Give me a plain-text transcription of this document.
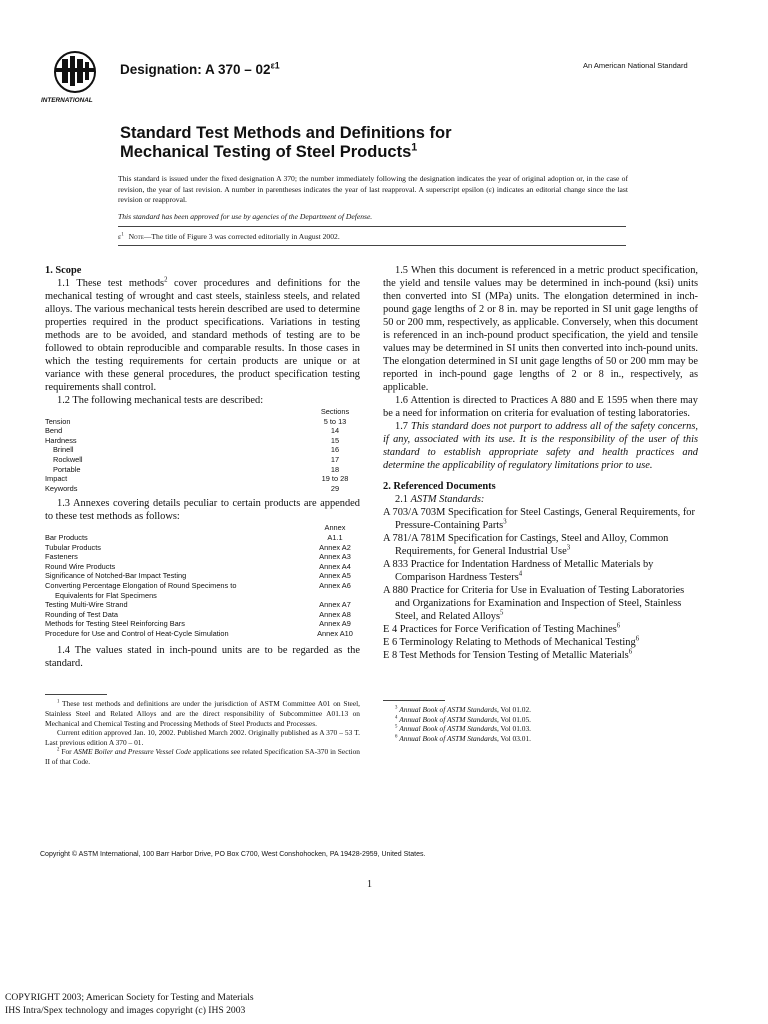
INTERNATIONAL
Designation: A $370 - 02^{\varepsilon 1}$	An American National Standard
Standard Test Methods and Definitions for
Mechanical Testing of Steel Products$^1$
This standard is issued under the fixed designation A 370; the number immediately following the designation indicates the year of original adoption or, in the case of revision, the year of last revision. A number in parentheses indicates the year of last reapproval. A superscript epsilon (ε) indicates an editorial change since the last revision or reapproval.
This standard has been approved for use by agencies of the Department of Defense.
$\varepsilon^1$ Note—The title of Figure 3 was corrected editorially in August 2002.
1. Scope

1.1 These test methods$^2$ cover procedures and definitions for the mechanical testing of wrought and cast steels, stainless steels, and related alloys. The various mechanical tests herein described are used to determine properties required in the product specifications. Variations in testing methods are to be avoided, and standard methods of testing are to be followed to obtain reproducible and comparable results. In those cases in which the testing requirements for certain products are unique or at variance with these general procedures, the product specification testing requirements shall control.

1.2 The following mechanical tests are described:

Sections
Tension	5 to 13
Bend	14
Hardness	15
Brinell	16
Rockwell	17
Portable	18
Impact	19 to 28
Keywords	29

1.3 Annexes covering details peculiar to certain products are appended to these test methods as follows:

Annex
Bar Products	A1.1
Tubular Products	Annex A2
Fasteners	Annex A3
Round Wire Products	Annex A4
Significance of Notched-Bar Impact Testing	Annex A5
Converting Percentage Elongation of Round Specimens to	Annex A6
Equivalents for Flat Specimens
Testing Multi-Wire Strand	Annex A7
Rounding of Test Data	Annex A8
Methods for Testing Steel Reinforcing Bars	Annex A9
Procedure for Use and Control of Heat-Cycle Simulation	Annex A10

1.4 The values stated in inch-pound units are to be regarded as the standard.

$^1$ These test methods and definitions are under the jurisdiction of ASTM Committee A01 on Steel, Stainless Steel and Related Alloys and are the direct responsibility of Subcommittee A01.13 on Mechanical and Chemical Testing and Processing Methods of Steel Products and Processes.

Current edition approved Jan. 10, 2002. Published March 2002. Originally published as A 370 – 53 T. Last previous edition A 370 – 01.

$^2$ For ASME Boiler and Pressure Vessel Code applications see related Specification SA-370 in Section II of that Code.

1.5 When this document is referenced in a metric product specification, the yield and tensile values may be determined in inch-pound (ksi) units then converted into SI (MPa) units. The elongation determined in inch-pound gage lengths of 2 or 8 in. may be reported in SI unit gage lengths of 50 or 200 mm, respectively, as applicable. Conversely, when this document is referenced in an inch-pound product specification, the yield and tensile values may be determined in SI units then converted into inch-pound units. The elongation determined in SI unit gage lengths of 50 or 200 mm may be reported in inch-pound gage lengths of 2 or 8 in., respectively, as applicable.

1.6 Attention is directed to Practices A 880 and E 1595 when there may be a need for information on criteria for evaluation of testing laboratories.

1.7 This standard does not purport to address all of the safety concerns, if any, associated with its use. It is the responsibility of the user of this standard to establish appropriate safety and health practices and determine the applicability of regulatory limitations prior to use.

2. Referenced Documents

2.1 ASTM Standards:

A 703/A 703M Specification for Steel Castings, General Requirements, for Pressure-Containing Parts$^3$

A 781/A 781M Specification for Castings, Steel and Alloy, Common Requirements, for General Industrial Use$^3$

A 833 Practice for Indentation Hardness of Metallic Materials by Comparison Hardness Testers$^4$

A 880 Practice for Criteria for Use in Evaluation of Testing Laboratories and Organizations for Examination and Inspection of Steel, Stainless Steel, and Related Alloys$^5$

E 4 Practices for Force Verification of Testing Machines$^6$

E 6 Terminology Relating to Methods of Mechanical Testing$^6$

E 8 Test Methods for Tension Testing of Metallic Materials$^6$

$^3$ Annual Book of ASTM Standards, Vol 01.02.

$^4$ Annual Book of ASTM Standards, Vol 01.05.

$^5$ Annual Book of ASTM Standards, Vol 01.03.

$^6$ Annual Book of ASTM Standards, Vol 03.01.

Copyright © ASTM International, 100 Barr Harbor Drive, PO Box C700, West Conshohocken, PA 19428-2959, United States.
1
COPYRIGHT 2003; American Society for Testing and Materials
IHS Intra/Spex technology and images copyright (c) IHS 2003
